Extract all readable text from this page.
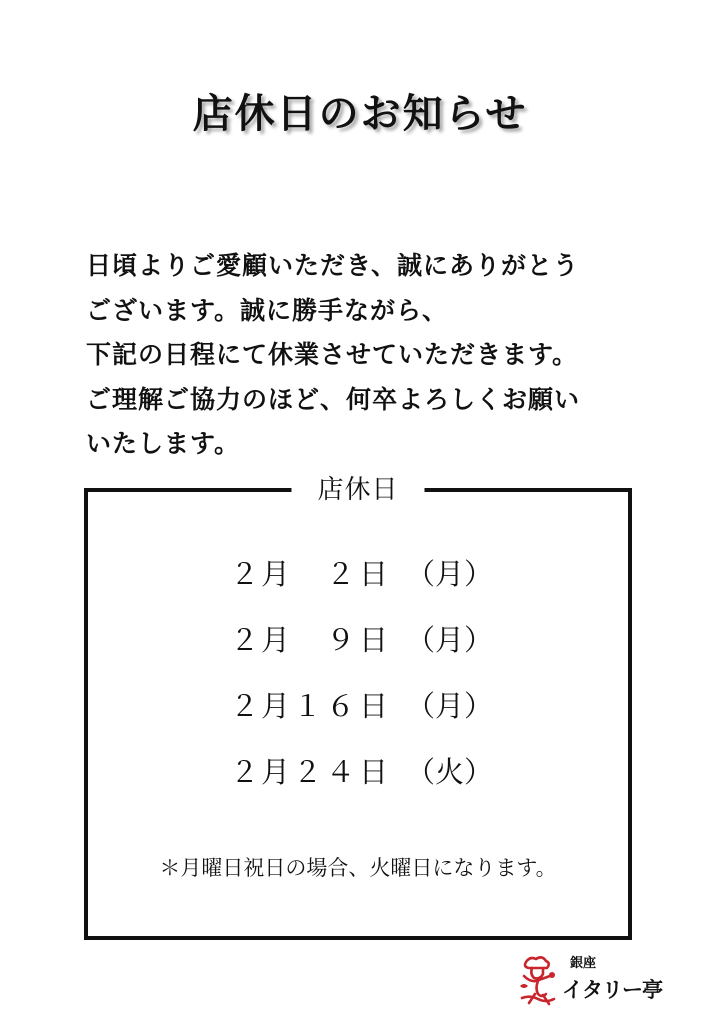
店休日のお知らせ
日頃よりご愛顧いただき、誠にありがとう
ございます。誠に勝手ながら、
下記の日程にて休業させていただきます。
ご理解ご協力のほど、何卒よろしくお願い
いたします。
店休日
２月 ２日 （月）
２月 ９日 （月）
２月 １６日 （月）
２月 ２４日 （火）
＊月曜日祝日の場合、火曜日になります。
銀座
イタリー亭
